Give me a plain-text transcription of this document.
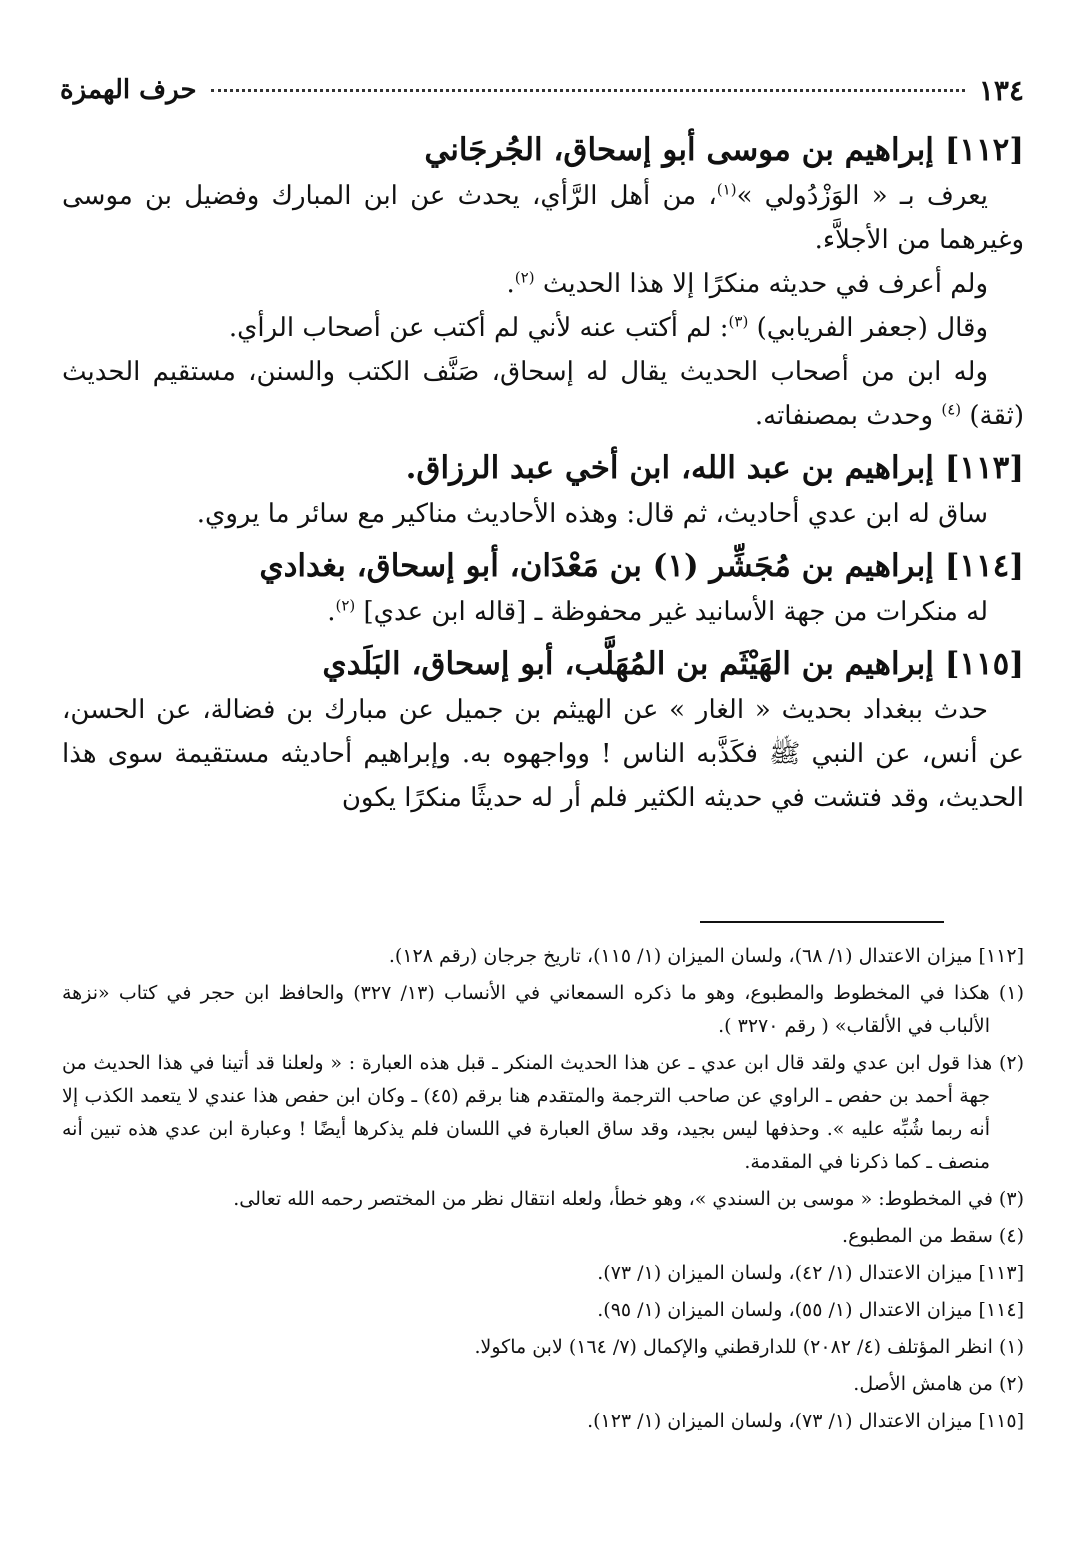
١٣٤
حرف الهمزة

[١١٢] إبراهيم بن موسى أبو إسحاق، الجُرجَاني

يعرف بـ « الوَزْدُولي »$^{(١)}$، من أهل الرَّأي، يحدث عن ابن المبارك وفضيل بن موسى وغيرهما من الأجلاَّء.

ولم أعرف في حديثه منكرًا إلا هذا الحديث $^{(٢)}$.

وقال (جعفر الفريابي) $^{(٣)}$: لم أكتب عنه لأني لم أكتب عن أصحاب الرأي.

وله ابن من أصحاب الحديث يقال له إسحاق، صَنَّف الكتب والسنن، مستقيم الحديث (ثقة) $^{(٤)}$ وحدث بمصنفاته.

[١١٣] إبراهيم بن عبد الله، ابن أخي عبد الرزاق.

ساق له ابن عدي أحاديث، ثم قال: وهذه الأحاديث مناكير مع سائر ما يروي.

[١١٤] إبراهيم بن مُجَشِّر (١) بن مَعْدَان، أبو إسحاق، بغدادي

له منكرات من جهة الأسانيد غير محفوظة ـ [قاله ابن عدي] $^{(٢)}$.

[١١٥] إبراهيم بن الهَيْثَم بن المُهَلَّب، أبو إسحاق، البَلَدي

حدث ببغداد بحديث « الغار » عن الهيثم بن جميل عن مبارك بن فضالة، عن الحسن، عن أنس، عن النبي ﷺ فكَذَّبه الناس ! وواجهوه به. وإبراهيم أحاديثه مستقيمة سوى هذا الحديث، وقد فتشت في حديثه الكثير فلم أر له حديثًا منكرًا يكون

[١١٢] ميزان الاعتدال (١/ ٦٨)، ولسان الميزان (١/ ١١٥)، تاريخ جرجان (رقم ١٢٨).

(١) هكذا في المخطوط والمطبوع، وهو ما ذكره السمعاني في الأنساب (١٣/ ٣٢٧) والحافظ ابن حجر في كتاب «نزهة الألباب في الألقاب» ( رقم ٣٢٧٠ ).

(٢) هذا قول ابن عدي ولقد قال ابن عدي ـ عن هذا الحديث المنكر ـ قبل هذه العبارة : « ولعلنا قد أتينا في هذا الحديث من جهة أحمد بن حفص ـ الراوي عن صاحب الترجمة والمتقدم هنا برقم (٤٥) ـ وكان ابن حفص هذا عندي لا يتعمد الكذب إلا أنه ربما شُبِّه عليه ». وحذفها ليس بجيد، وقد ساق العبارة في اللسان فلم يذكرها أيضًا ! وعبارة ابن عدي هذه تبين أنه منصف ـ كما ذكرنا في المقدمة.

(٣) في المخطوط: « موسى بن السندي »، وهو خطأ، ولعله انتقال نظر من المختصر رحمه الله تعالى.

(٤) سقط من المطبوع.

[١١٣] ميزان الاعتدال (١/ ٤٢)، ولسان الميزان (١/ ٧٣).

[١١٤] ميزان الاعتدال (١/ ٥٥)، ولسان الميزان (١/ ٩٥).

(١) انظر المؤتلف (٤/ ٢٠٨٢) للدارقطني والإكمال (٧/ ١٦٤) لابن ماكولا.

(٢) من هامش الأصل.

[١١٥] ميزان الاعتدال (١/ ٧٣)، ولسان الميزان (١/ ١٢٣).
